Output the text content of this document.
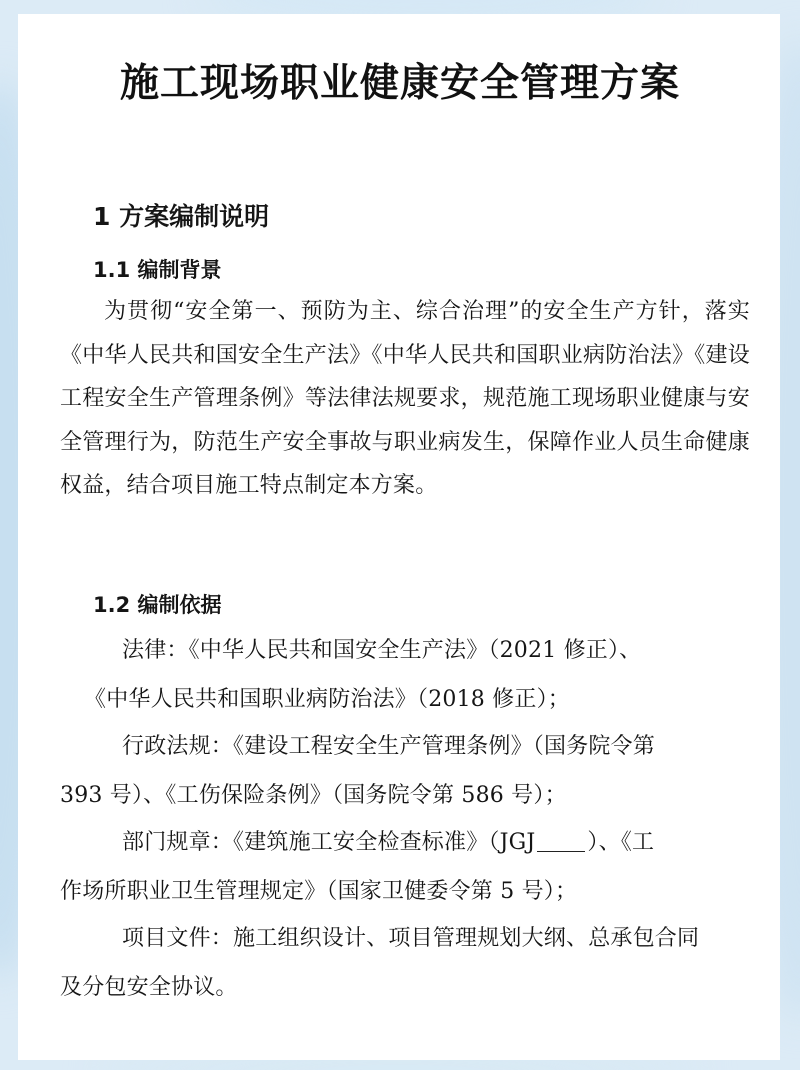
施工现场职业健康安全管理方案
1 方案编制说明
1.1 编制背景

为贯彻“安全第一、预防为主、综合治理”的安全生产方针，落实《中华人民共和国安全生产法》《中华人民共和国职业病防治法》《建设工程安全生产管理条例》等法律法规要求，规范施工现场职业健康与安全管理行为，防范生产安全事故与职业病发生，保障作业人员生命健康权益，结合项目施工特点制定本方案。

1.2 编制依据
法律：《中华人民共和国安全生产法》（2021 修正）、
《中华人民共和国职业病防治法》（2018 修正）；
行政法规：《建设工程安全生产管理条例》（国务院令第
393 号）、《工伤保险条例》（国务院令第 586 号）；
部门规章：《建筑施工安全检查标准》（JGJ ）、《工
作场所职业卫生管理规定》（国家卫健委令第 5 号）；
项目文件：施工组织设计、项目管理规划大纲、总承包合同
及分包安全协议。
